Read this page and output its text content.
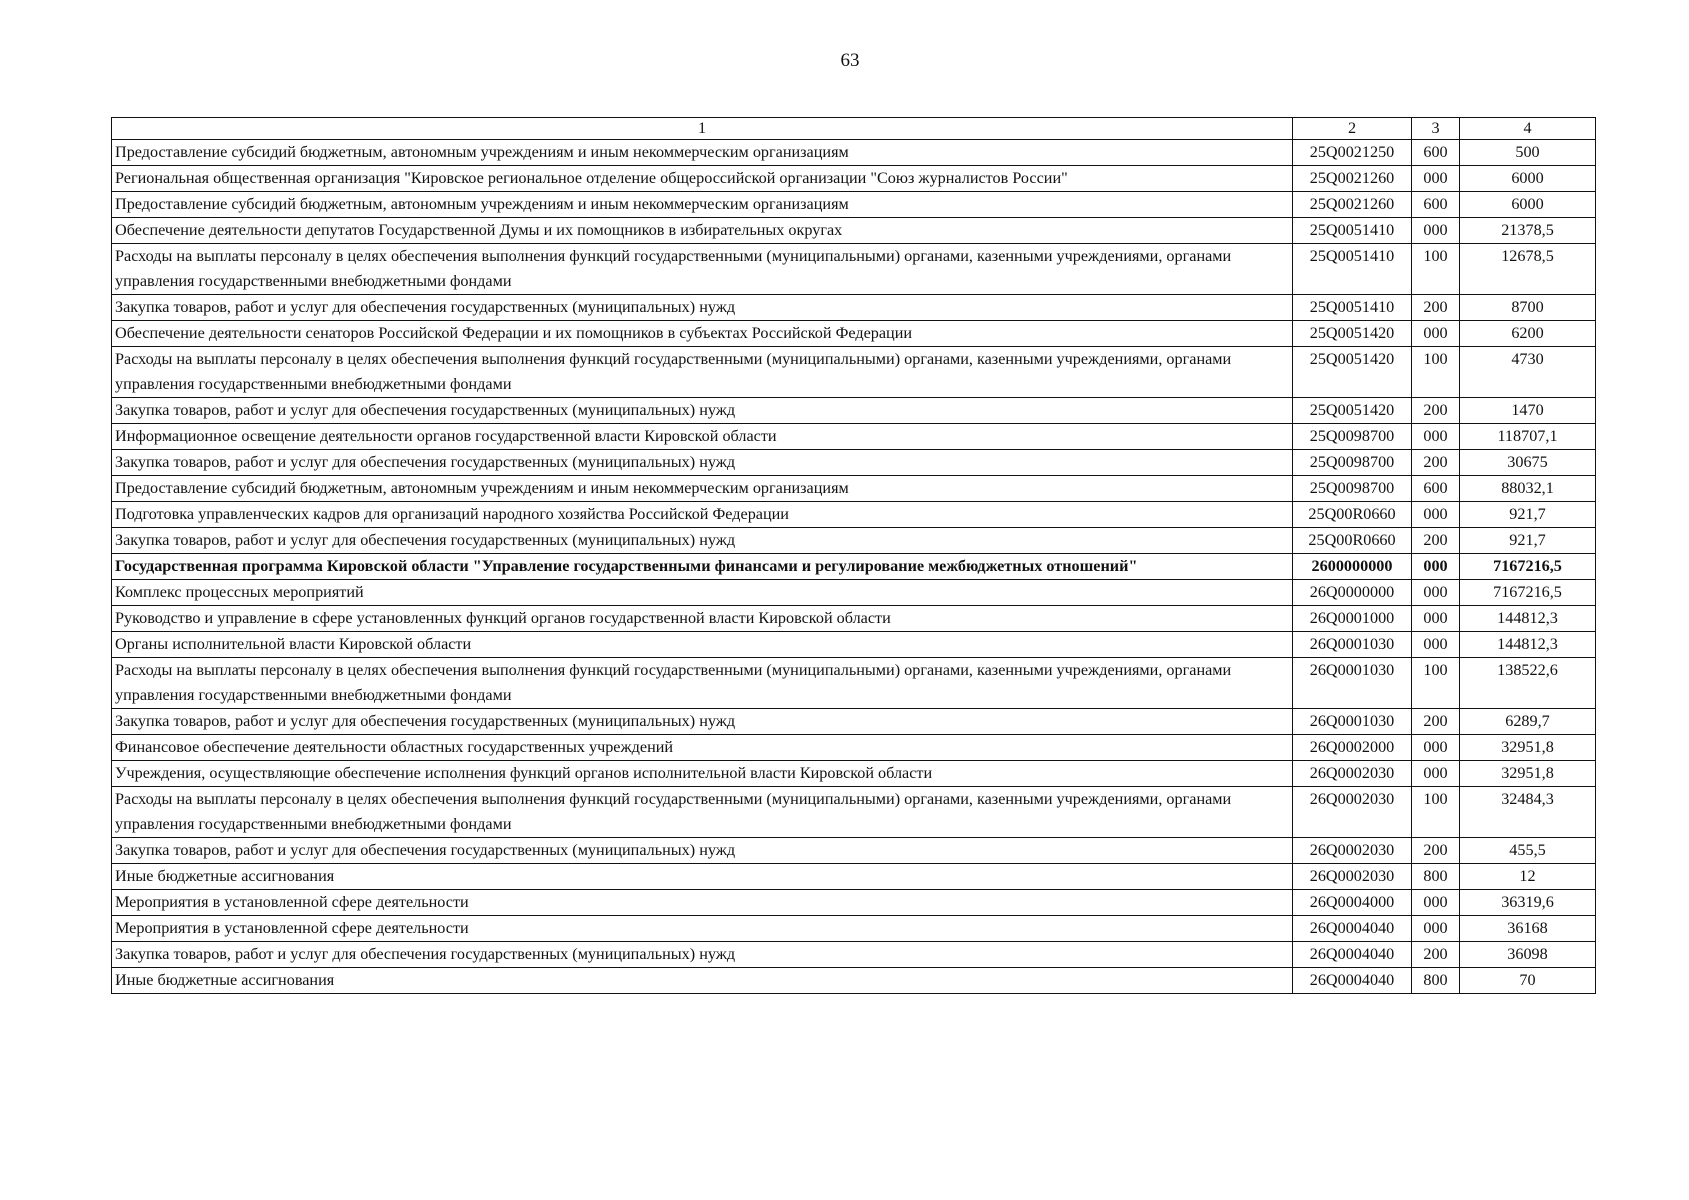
63
1	2	3	4
Предоставление субсидий бюджетным, автономным учреждениям и иным некоммерческим организациям	25Q0021250	600	500
Региональная общественная организация "Кировское региональное отделение общероссийской организации "Союз журналистов России"	25Q0021260	000	6000
Предоставление субсидий бюджетным, автономным учреждениям и иным некоммерческим организациям	25Q0021260	600	6000
Обеспечение деятельности депутатов Государственной Думы и их помощников в избирательных округах	25Q0051410	000	21378,5
Расходы на выплаты персоналу в целях обеспечения выполнения функций государственными (муниципальными) органами, казенными учреждениями, органами управления государственными внебюджетными фондами	25Q0051410	100	12678,5
Закупка товаров, работ и услуг для обеспечения государственных (муниципальных) нужд	25Q0051410	200	8700
Обеспечение деятельности сенаторов Российской Федерации и их помощников в субъектах Российской Федерации	25Q0051420	000	6200
Расходы на выплаты персоналу в целях обеспечения выполнения функций государственными (муниципальными) органами, казенными учреждениями, органами управления государственными внебюджетными фондами	25Q0051420	100	4730
Закупка товаров, работ и услуг для обеспечения государственных (муниципальных) нужд	25Q0051420	200	1470
Информационное освещение деятельности органов государственной власти Кировской области	25Q0098700	000	118707,1
Закупка товаров, работ и услуг для обеспечения государственных (муниципальных) нужд	25Q0098700	200	30675
Предоставление субсидий бюджетным, автономным учреждениям и иным некоммерческим организациям	25Q0098700	600	88032,1
Подготовка управленческих кадров для организаций народного хозяйства Российской Федерации	25Q00R0660	000	921,7
Закупка товаров, работ и услуг для обеспечения государственных (муниципальных) нужд	25Q00R0660	200	921,7
Государственная программа Кировской области "Управление государственными финансами и регулирование межбюджетных отношений"	2600000000	000	7167216,5
Комплекс процессных мероприятий	26Q0000000	000	7167216,5
Руководство и управление в сфере установленных функций органов государственной власти Кировской области	26Q0001000	000	144812,3
Органы исполнительной власти Кировской области	26Q0001030	000	144812,3
Расходы на выплаты персоналу в целях обеспечения выполнения функций государственными (муниципальными) органами, казенными учреждениями, органами управления государственными внебюджетными фондами	26Q0001030	100	138522,6
Закупка товаров, работ и услуг для обеспечения государственных (муниципальных) нужд	26Q0001030	200	6289,7
Финансовое обеспечение деятельности областных государственных учреждений	26Q0002000	000	32951,8
Учреждения, осуществляющие обеспечение исполнения функций органов исполнительной власти Кировской области	26Q0002030	000	32951,8
Расходы на выплаты персоналу в целях обеспечения выполнения функций государственными (муниципальными) органами, казенными учреждениями, органами управления государственными внебюджетными фондами	26Q0002030	100	32484,3
Закупка товаров, работ и услуг для обеспечения государственных (муниципальных) нужд	26Q0002030	200	455,5
Иные бюджетные ассигнования	26Q0002030	800	12
Мероприятия в установленной сфере деятельности	26Q0004000	000	36319,6
Мероприятия в установленной сфере деятельности	26Q0004040	000	36168
Закупка товаров, работ и услуг для обеспечения государственных (муниципальных) нужд	26Q0004040	200	36098
Иные бюджетные ассигнования	26Q0004040	800	70
